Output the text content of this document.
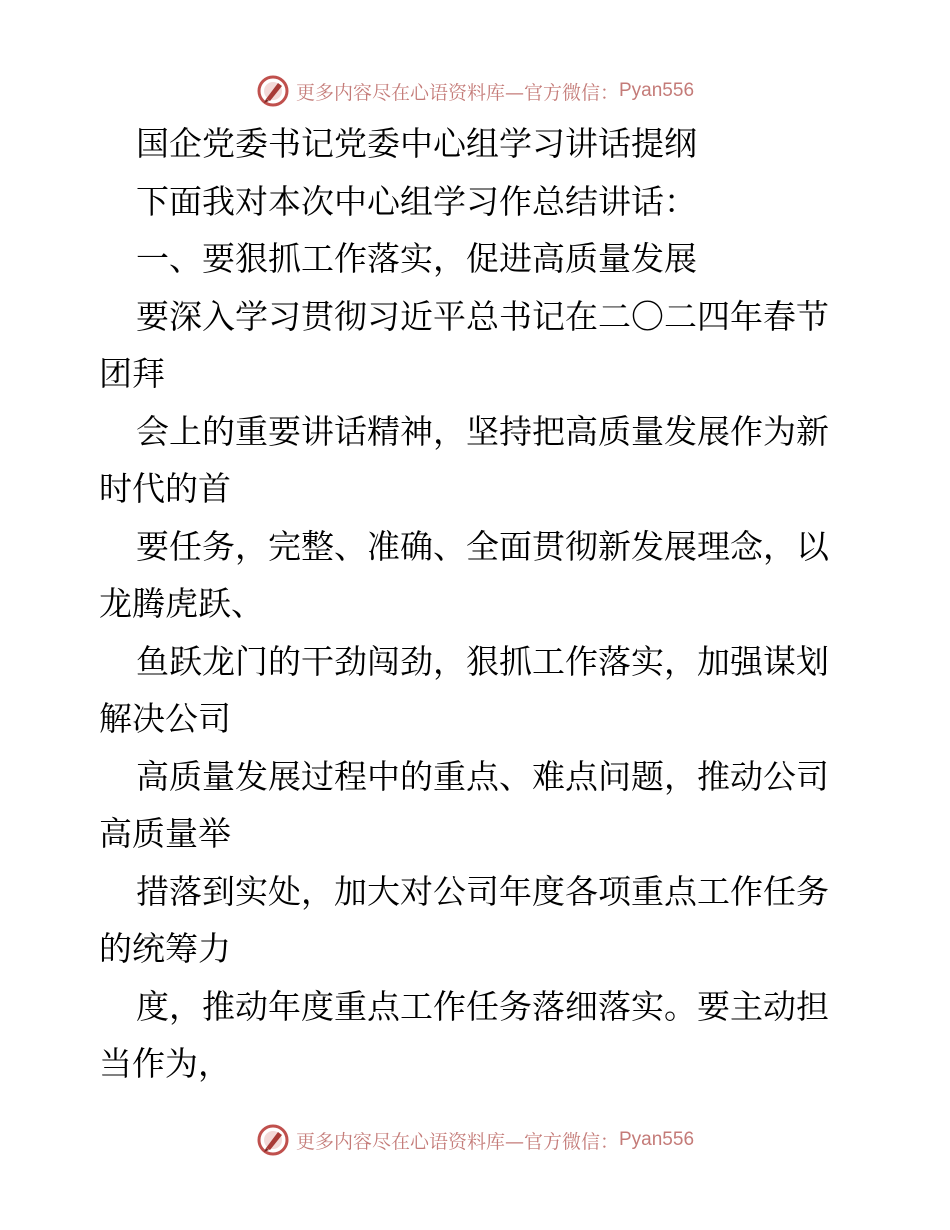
更多内容尽在心语资料库—官方微信： Pyan556
国企党委书记党委中心组学习讲话提纲
下面我对本次中心组学习作总结讲话：
一、要狠抓工作落实，促进高质量发展
要深入学习贯彻习近平总书记在二〇二四年春节
团拜
会上的重要讲话精神，坚持把高质量发展作为新
时代的首
要任务，完整、准确、全面贯彻新发展理念，以
龙腾虎跃、
鱼跃龙门的干劲闯劲，狠抓工作落实，加强谋划
解决公司
高质量发展过程中的重点、难点问题，推动公司
高质量举
措落到实处，加大对公司年度各项重点工作任务
的统筹力
度，推动年度重点工作任务落细落实。要主动担
当作为，
更多内容尽在心语资料库—官方微信： Pyan556
